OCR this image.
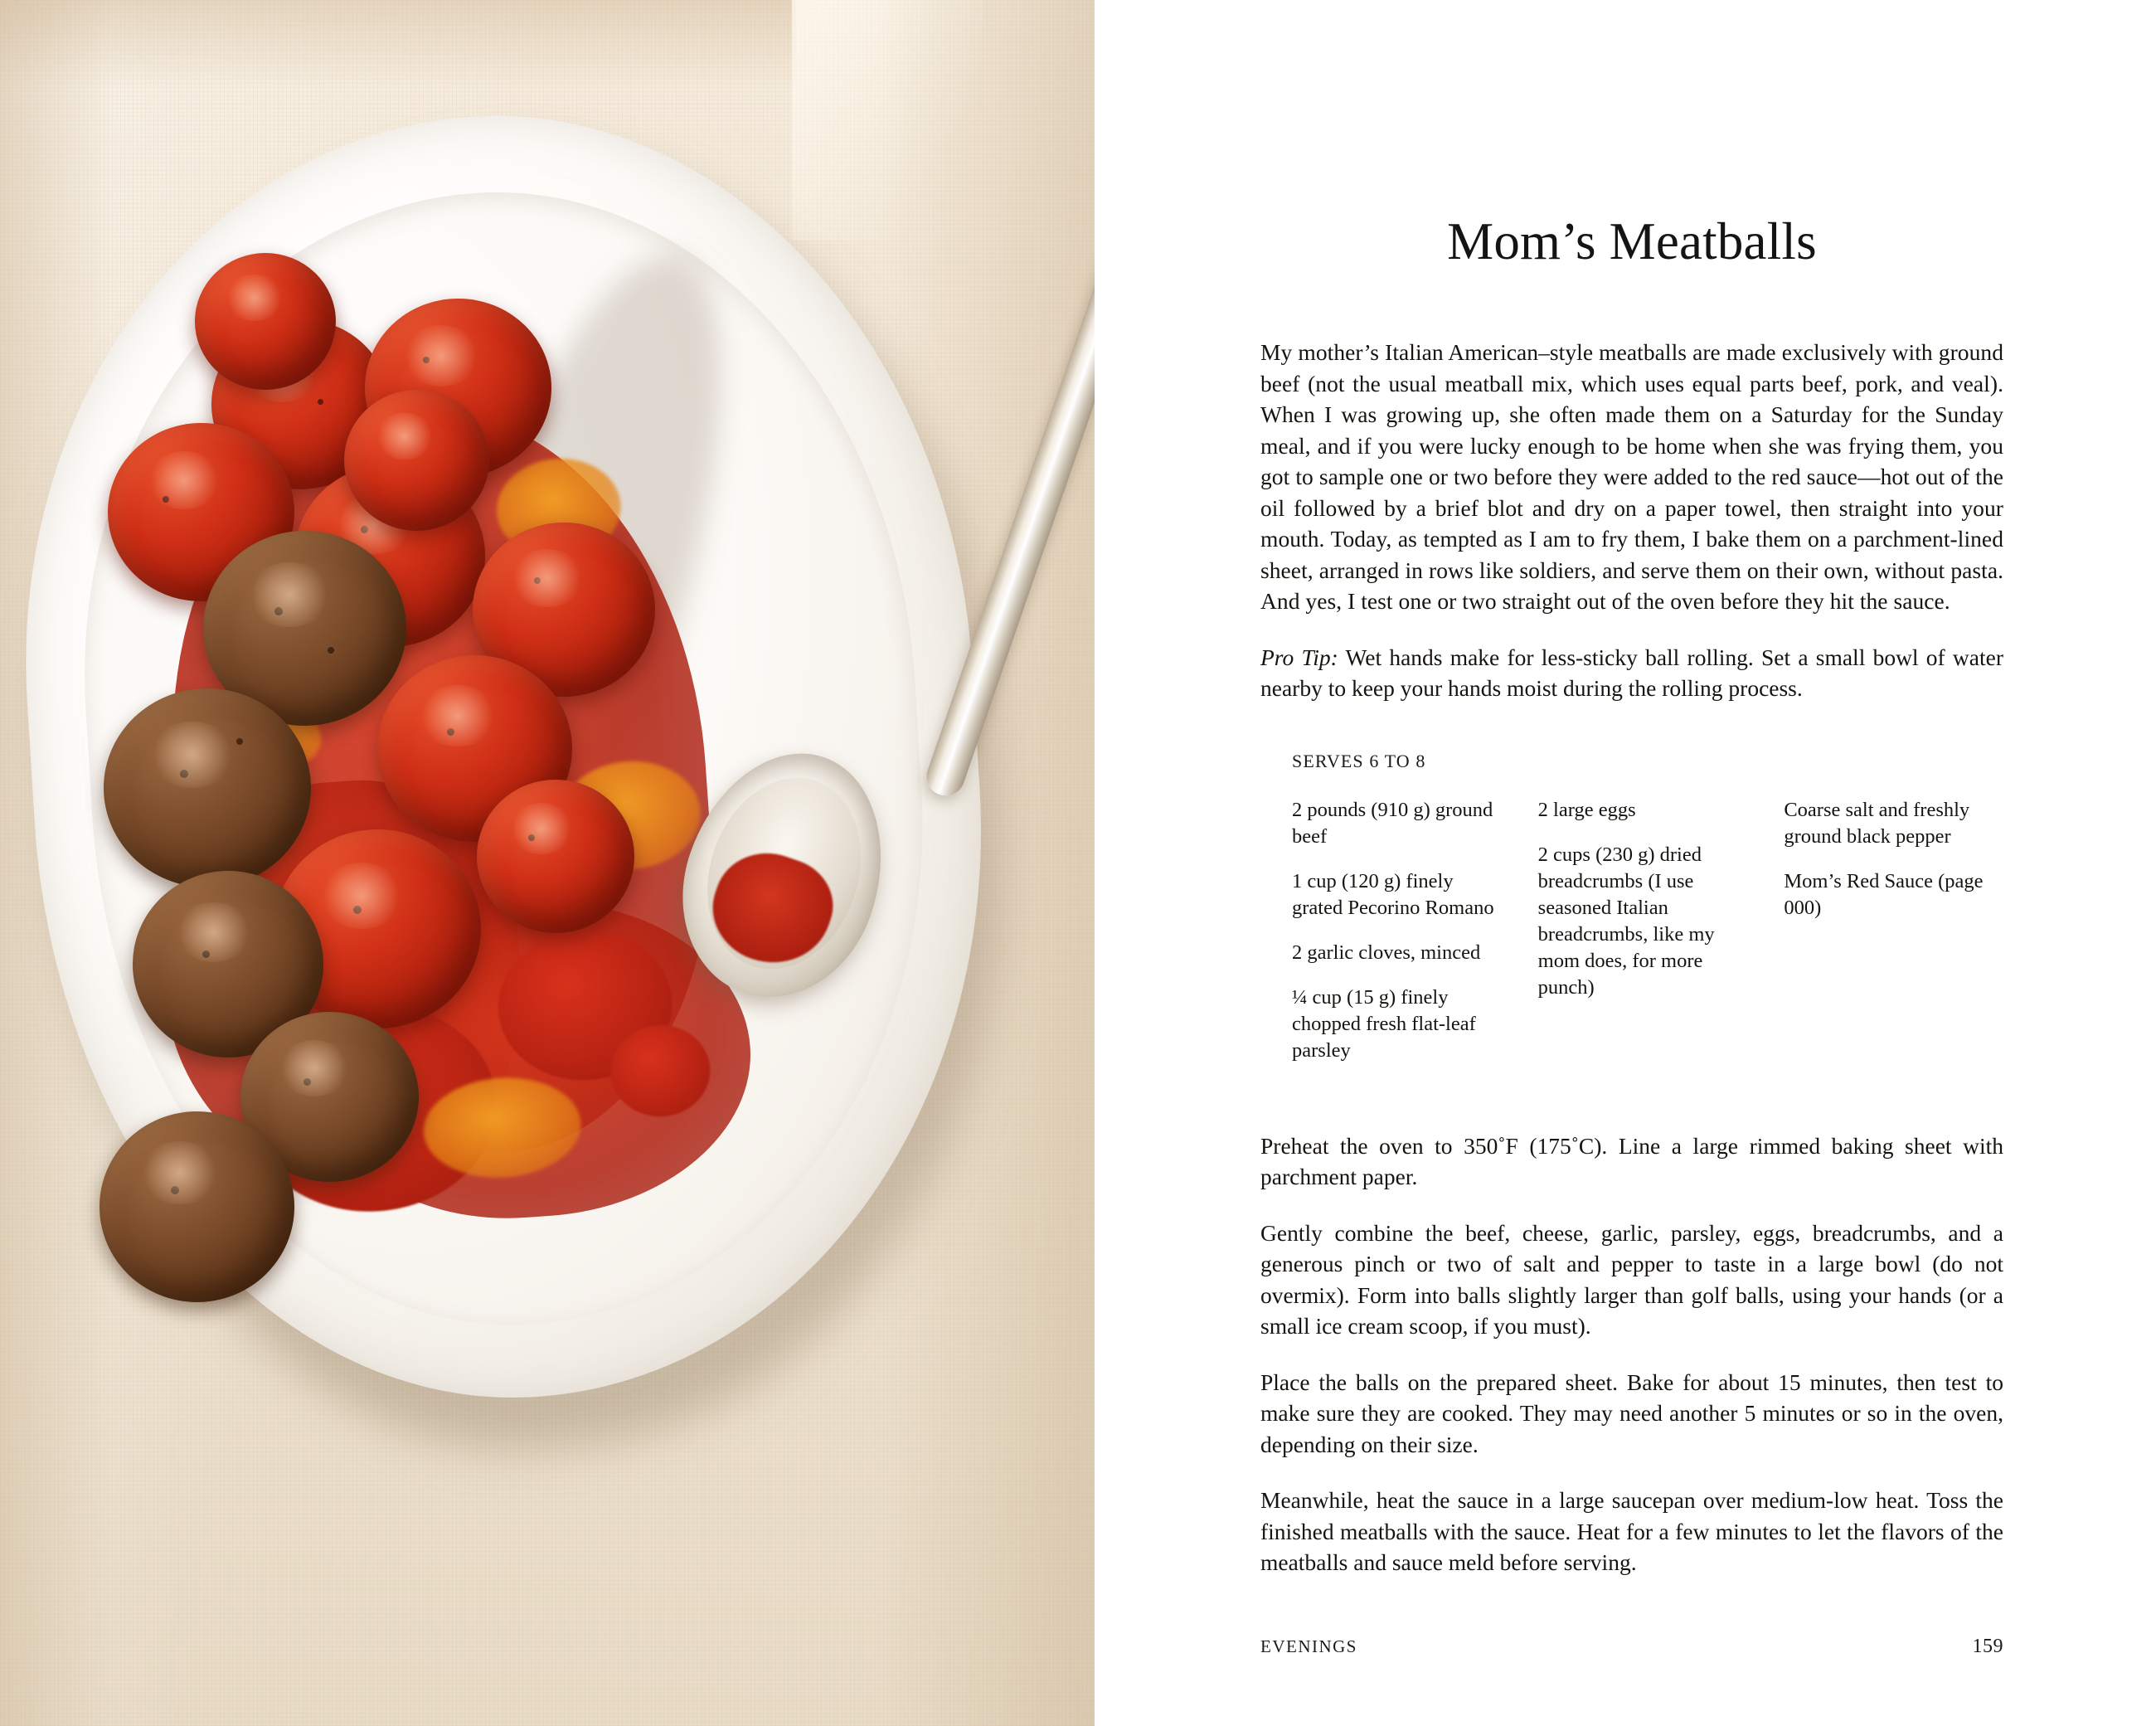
Mom’s Meatballs

My mother’s Italian American–style meatballs are made exclusively with ground beef (not the usual meatball mix, which uses equal parts beef, pork, and veal). When I was growing up, she often made them on a Saturday for the Sunday meal, and if you were lucky enough to be home when she was frying them, you got to sample one or two before they were added to the red sauce—hot out of the oil followed by a brief blot and dry on a paper towel, then straight into your mouth. Today, as tempted as I am to fry them, I bake them on a parchment-lined sheet, arranged in rows like soldiers, and serve them on their own, without pasta. And yes, I test one or two straight out of the oven before they hit the sauce.

Pro Tip: Wet hands make for less-sticky ball rolling. Set a small bowl of water nearby to keep your hands moist during the rolling process.

SERVES 6 TO 8

2 pounds (910 g) ground beef
1 cup (120 g) finely grated Pecorino Romano
2 garlic cloves, minced
¼ cup (15 g) finely chopped fresh flat-leaf parsley
2 large eggs
2 cups (230 g) dried breadcrumbs (I use seasoned Italian breadcrumbs, like my mom does, for more punch)
Coarse salt and freshly ground black pepper
Mom’s Red Sauce (page 000)

Preheat the oven to 350˚F (175˚C). Line a large rimmed baking sheet with parchment paper.

Gently combine the beef, cheese, garlic, parsley, eggs, breadcrumbs, and a generous pinch or two of salt and pepper to taste in a large bowl (do not overmix). Form into balls slightly larger than golf balls, using your hands (or a small ice cream scoop, if you must).

Place the balls on the prepared sheet. Bake for about 15 minutes, then test to make sure they are cooked. They may need another 5 minutes or so in the oven, depending on their size.

Meanwhile, heat the sauce in a large saucepan over medium-low heat. Toss the finished meatballs with the sauce. Heat for a few minutes to let the flavors of the meatballs and sauce meld before serving.

EVENINGS	159
